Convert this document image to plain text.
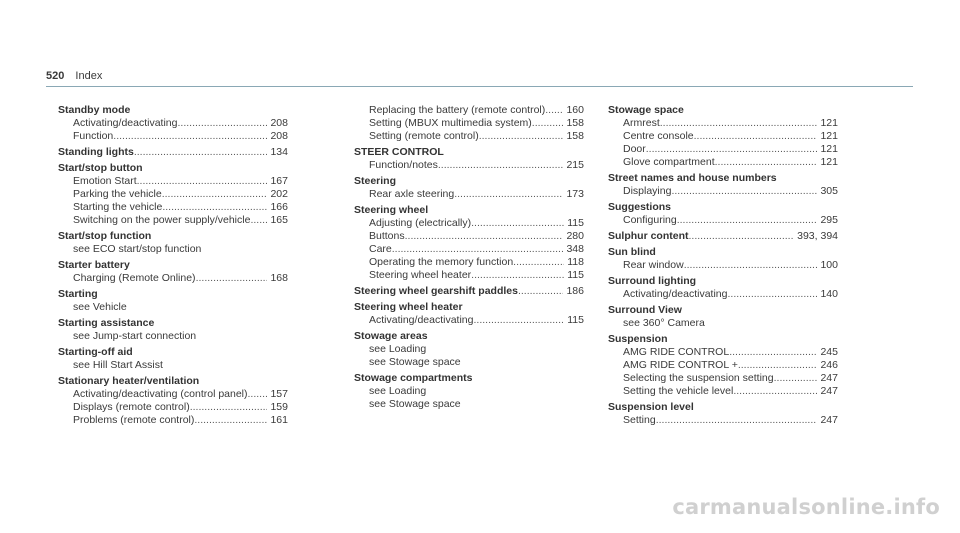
520 Index
Standby mode
Activating/deactivating .....	208
Function .....	208
Standing lights .....	134
Start/stop button
Emotion Start .....	167
Parking the vehicle .....	202
Starting the vehicle .....	166
Switching on the power supply/vehicle ..... 165
Start/stop function
see ECO start/stop function
Starter battery
Charging (Remote Online) .....	168
Starting
see Vehicle
Starting assistance
see Jump-start connection
Starting-off aid
see Hill Start Assist
Stationary heater/ventilation
Activating/deactivating (control panel) ..... 157
Displays (remote control) .....	159
Problems (remote control) .....	161
Replacing the battery (remote control) ..... 160
Setting (MBUX multimedia system) .....	158
Setting (remote control) .....	158
STEER CONTROL
Function/notes .....	215
Steering
Rear axle steering .....	173
Steering wheel
Adjusting (electrically) .....	115
Buttons .....	280
Care .....	348
Operating the memory function .....	118
Steering wheel heater .....	115
Steering wheel gearshift paddles .....	186
Steering wheel heater
Activating/deactivating .....	115
Stowage areas
see Loading
see Stowage space
Stowage compartments
see Loading
see Stowage space
Stowage space
Armrest .....	121
Centre console .....	121
Door .....	121
Glove compartment .....	121
Street names and house numbers
Displaying .....	305
Suggestions
Configuring .....	295
Sulphur content .....	393, 394
Sun blind
Rear window .....	100
Surround lighting
Activating/deactivating .....	140
Surround View
see 360° Camera
Suspension
AMG RIDE CONTROL .....	245
AMG RIDE CONTROL + .....	246
Selecting the suspension setting .....	247
Setting the vehicle level .....	247
Suspension level
Setting .....	247
carmanualsonline.info
